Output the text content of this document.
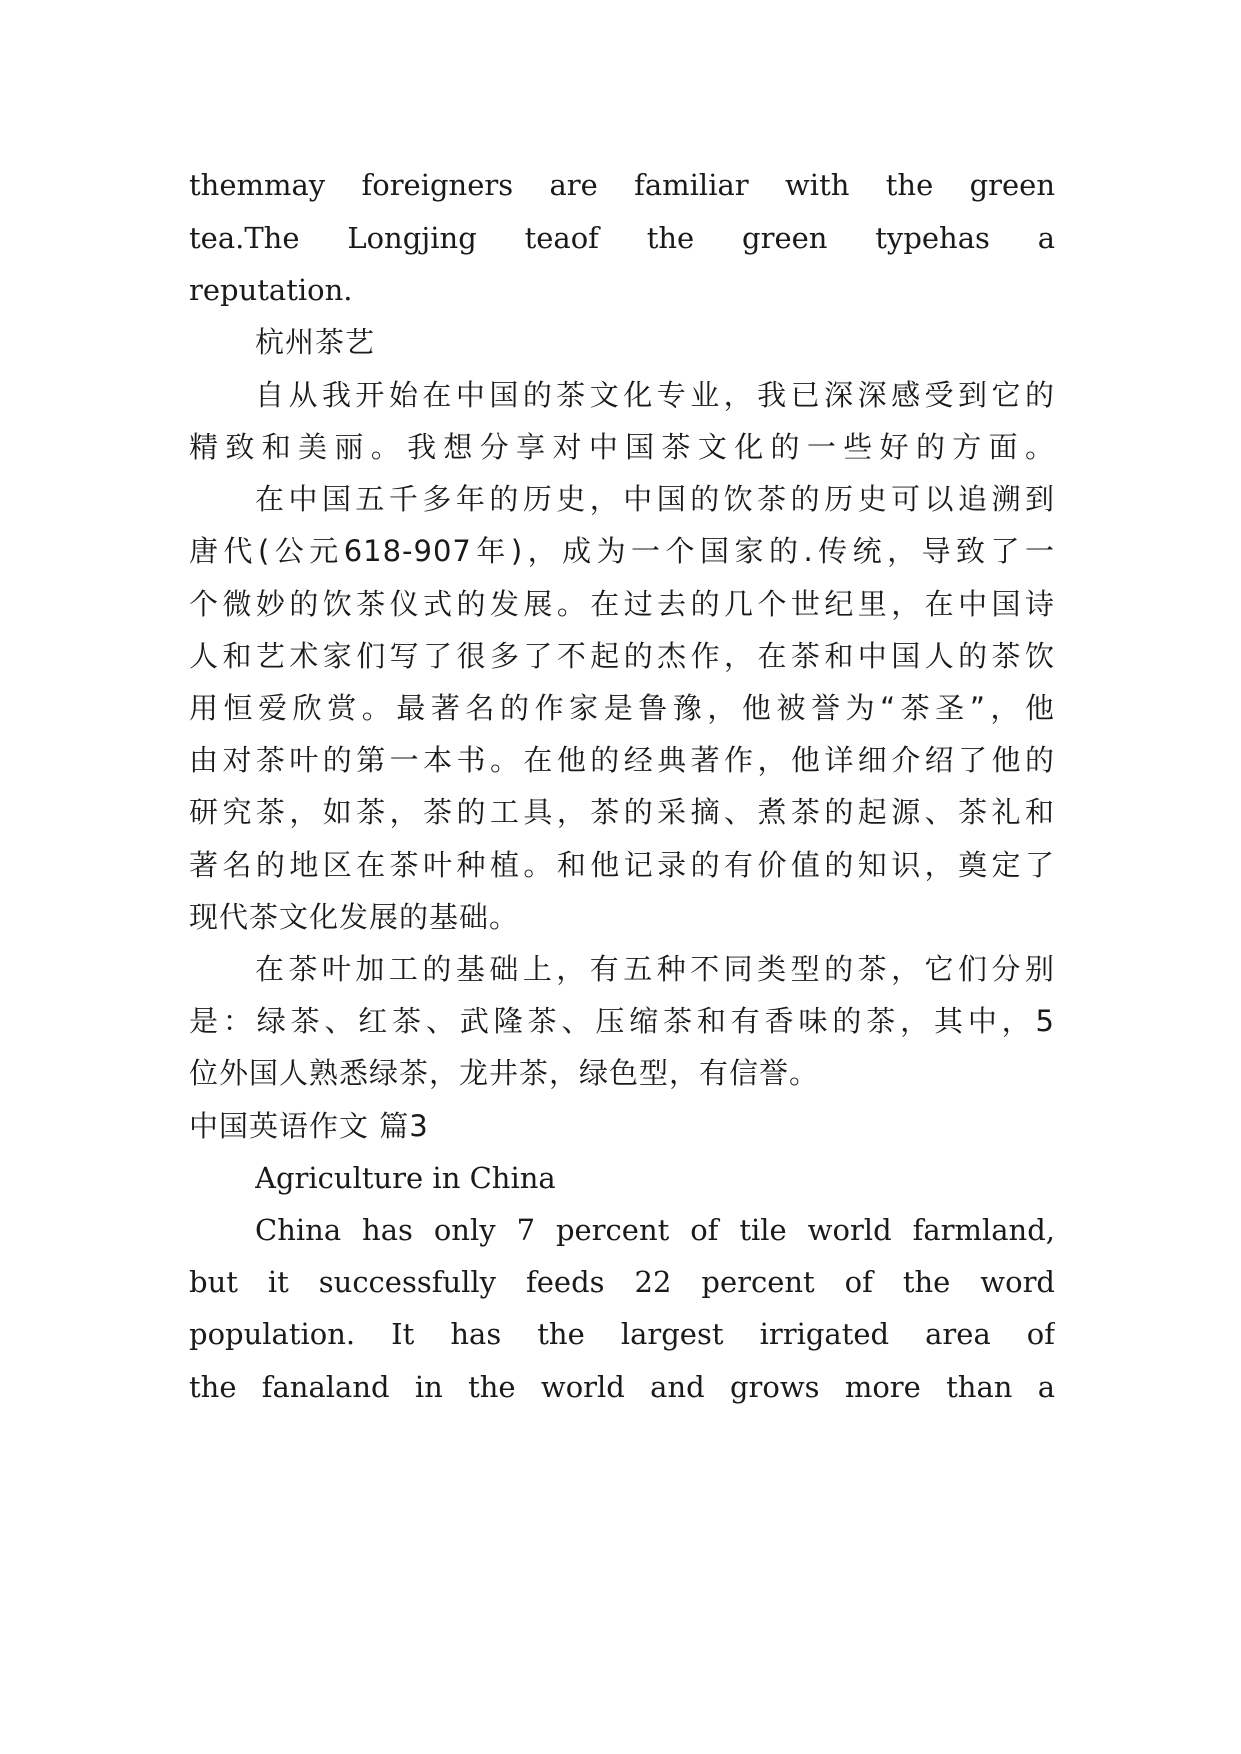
themmay foreigners are familiar with the green
tea.The Longjing teaof the green typehas a
reputation.
杭州茶艺
自从我开始在中国的茶文化专业，我已深深感受到它的
精致和美丽。我想分享对中国茶文化的一些好的方面。
在中国五千多年的历史，中国的饮茶的历史可以追溯到
唐代(公元618-907年)，成为一个国家的.传统，导致了一
个微妙的饮茶仪式的发展。在过去的几个世纪里，在中国诗
人和艺术家们写了很多了不起的杰作，在茶和中国人的茶饮
用恒爱欣赏。最著名的作家是鲁豫，他被誉为“茶圣”，他
由对茶叶的第一本书。在他的经典著作，他详细介绍了他的
研究茶，如茶，茶的工具，茶的采摘、煮茶的起源、茶礼和
著名的地区在茶叶种植。和他记录的有价值的知识，奠定了
现代茶文化发展的基础。
在茶叶加工的基础上，有五种不同类型的茶，它们分别
是：绿茶、红茶、武隆茶、压缩茶和有香味的茶，其中，5
位外国人熟悉绿茶，龙井茶，绿色型，有信誉。
中国英语作文 篇3
Agriculture in China
China has only 7 percent of tile world farmland,
but it successfully feeds 22 percent of the word
population. It has the largest irrigated area of
the fanaland in the world and grows more than a
